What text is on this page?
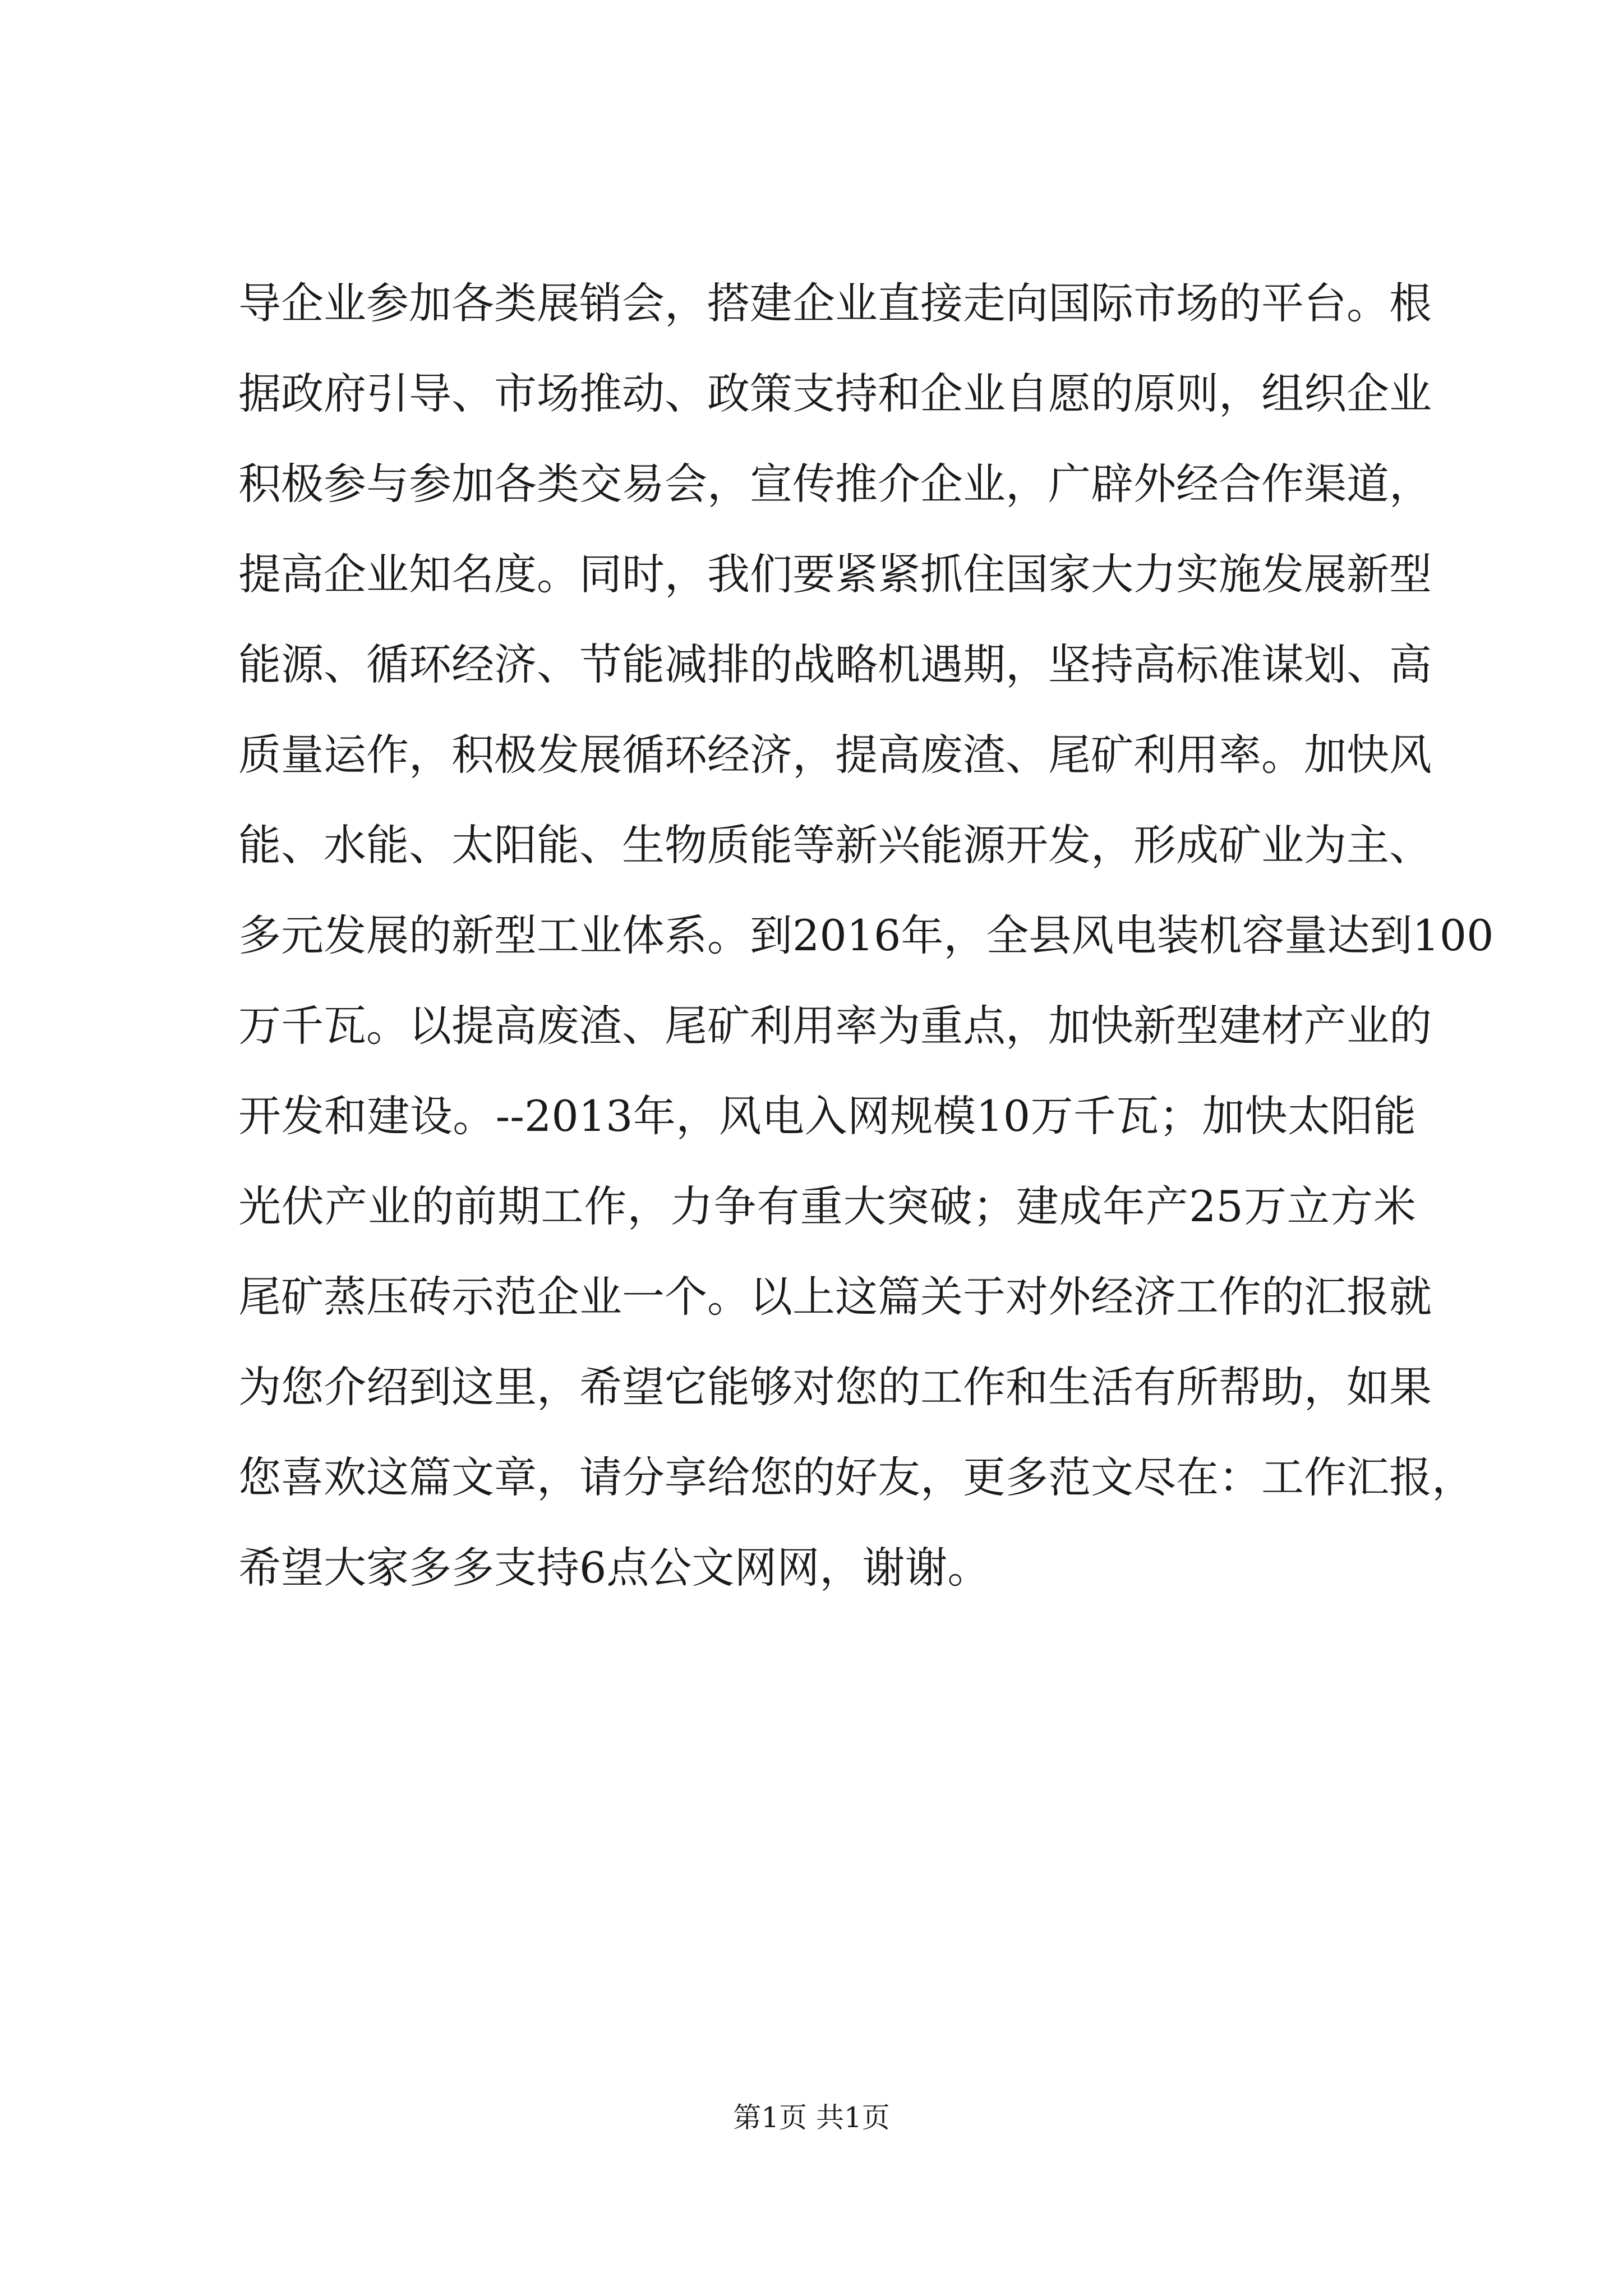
导企业参加各类展销会，搭建企业直接走向国际市场的平台。根
据政府引导、市场推动、政策支持和企业自愿的原则，组织企业
积极参与参加各类交易会，宣传推介企业，广辟外经合作渠道，
提高企业知名度。同时，我们要紧紧抓住国家大力实施发展新型
能源、循环经济、节能减排的战略机遇期，坚持高标准谋划、高
质量运作，积极发展循环经济，提高废渣、尾矿利用率。加快风
能、水能、太阳能、生物质能等新兴能源开发，形成矿业为主、
多元发展的新型工业体系。到2016年，全县风电装机容量达到100
万千瓦。以提高废渣、尾矿利用率为重点，加快新型建材产业的
开发和建设。--2013年，风电入网规模10万千瓦；加快太阳能
光伏产业的前期工作，力争有重大突破；建成年产25万立方米
尾矿蒸压砖示范企业一个。以上这篇关于对外经济工作的汇报就
为您介绍到这里，希望它能够对您的工作和生活有所帮助，如果
您喜欢这篇文章，请分享给您的好友，更多范文尽在：工作汇报，
希望大家多多支持6点公文网网，谢谢。
第1页 共1页
